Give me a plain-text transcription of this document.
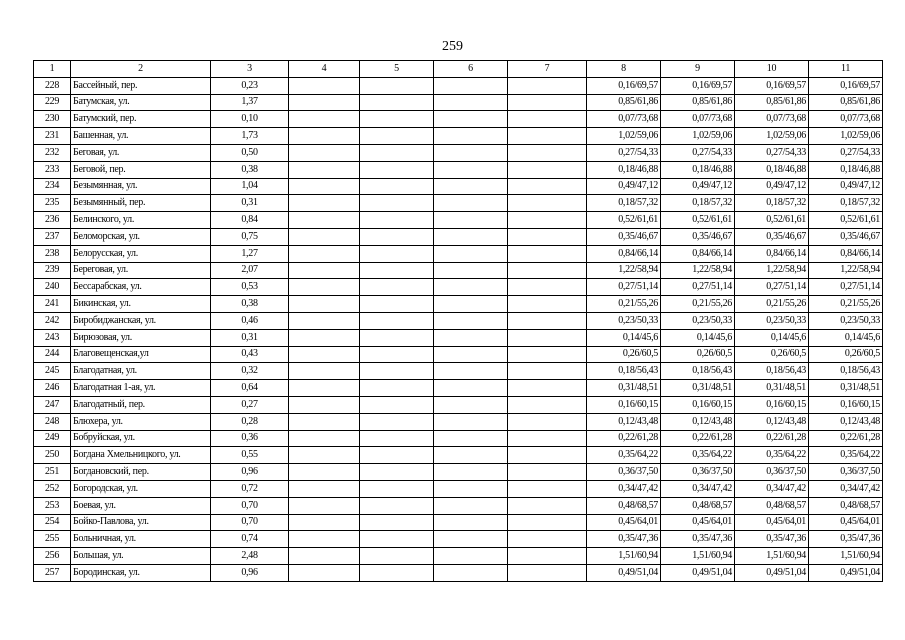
259
1	2	3	4	5	6	7	8	9	10	11
228	Бассейный, пер.	0,23					0,16/69,57	0,16/69,57	0,16/69,57	0,16/69,57
229	Батумская, ул.	1,37					0,85/61,86	0,85/61,86	0,85/61,86	0,85/61,86
230	Батумский, пер.	0,10					0,07/73,68	0,07/73,68	0,07/73,68	0,07/73,68
231	Башенная, ул.	1,73					1,02/59,06	1,02/59,06	1,02/59,06	1,02/59,06
232	Беговая, ул.	0,50					0,27/54,33	0,27/54,33	0,27/54,33	0,27/54,33
233	Беговой, пер.	0,38					0,18/46,88	0,18/46,88	0,18/46,88	0,18/46,88
234	Безымянная, ул.	1,04					0,49/47,12	0,49/47,12	0,49/47,12	0,49/47,12
235	Безымянный, пер.	0,31					0,18/57,32	0,18/57,32	0,18/57,32	0,18/57,32
236	Белинского, ул.	0,84					0,52/61,61	0,52/61,61	0,52/61,61	0,52/61,61
237	Беломорская, ул.	0,75					0,35/46,67	0,35/46,67	0,35/46,67	0,35/46,67
238	Белорусская, ул.	1,27					0,84/66,14	0,84/66,14	0,84/66,14	0,84/66,14
239	Береговая, ул.	2,07					1,22/58,94	1,22/58,94	1,22/58,94	1,22/58,94
240	Бессарабская, ул.	0,53					0,27/51,14	0,27/51,14	0,27/51,14	0,27/51,14
241	Бикинская, ул.	0,38					0,21/55,26	0,21/55,26	0,21/55,26	0,21/55,26
242	Биробиджанская, ул.	0,46					0,23/50,33	0,23/50,33	0,23/50,33	0,23/50,33
243	Бирюзовая, ул.	0,31					0,14/45,6	0,14/45,6	0,14/45,6	0,14/45,6
244	Благовещенская,ул	0,43					0,26/60,5	0,26/60,5	0,26/60,5	0,26/60,5
245	Благодатная, ул.	0,32					0,18/56,43	0,18/56,43	0,18/56,43	0,18/56,43
246	Благодатная 1-ая, ул.	0,64					0,31/48,51	0,31/48,51	0,31/48,51	0,31/48,51
247	Благодатный, пер.	0,27					0,16/60,15	0,16/60,15	0,16/60,15	0,16/60,15
248	Блюхера, ул.	0,28					0,12/43,48	0,12/43,48	0,12/43,48	0,12/43,48
249	Бобруйская, ул.	0,36					0,22/61,28	0,22/61,28	0,22/61,28	0,22/61,28
250	Богдана Хмельницкого, ул.	0,55					0,35/64,22	0,35/64,22	0,35/64,22	0,35/64,22
251	Богдановский, пер.	0,96					0,36/37,50	0,36/37,50	0,36/37,50	0,36/37,50
252	Богородская, ул.	0,72					0,34/47,42	0,34/47,42	0,34/47,42	0,34/47,42
253	Боевая, ул.	0,70					0,48/68,57	0,48/68,57	0,48/68,57	0,48/68,57
254	Бойко-Павлова, ул.	0,70					0,45/64,01	0,45/64,01	0,45/64,01	0,45/64,01
255	Больничная, ул.	0,74					0,35/47,36	0,35/47,36	0,35/47,36	0,35/47,36
256	Большая, ул.	2,48					1,51/60,94	1,51/60,94	1,51/60,94	1,51/60,94
257	Бородинская, ул.	0,96					0,49/51,04	0,49/51,04	0,49/51,04	0,49/51,04
